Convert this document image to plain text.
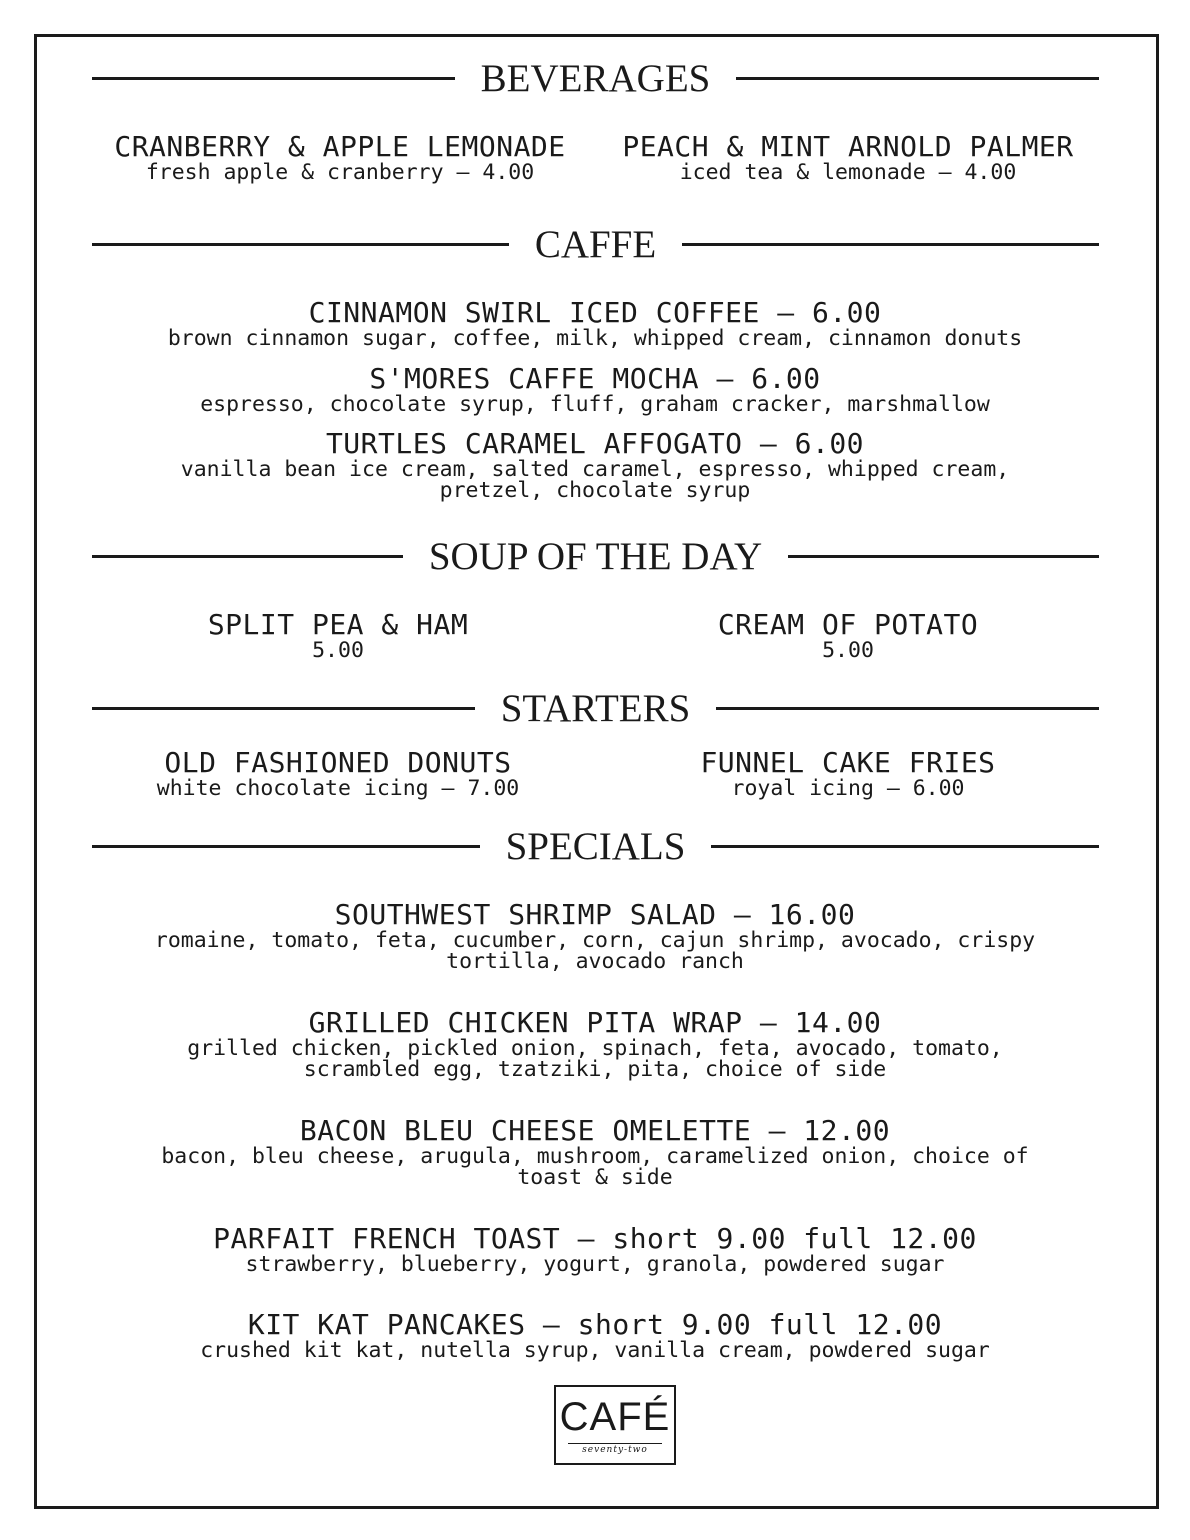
BEVERAGES
CRANBERRY & APPLE LEMONADE
fresh apple & cranberry – 4.00
PEACH & MINT ARNOLD PALMER
iced tea & lemonade – 4.00
CAFFE
CINNAMON SWIRL ICED COFFEE – 6.00
brown cinnamon sugar, coffee, milk, whipped cream, cinnamon donuts
S'MORES CAFFE MOCHA – 6.00
espresso, chocolate syrup, fluff, graham cracker, marshmallow
TURTLES CARAMEL AFFOGATO – 6.00
vanilla bean ice cream, salted caramel, espresso, whipped cream,
pretzel, chocolate syrup
SOUP OF THE DAY
SPLIT PEA & HAM
5.00
CREAM OF POTATO
5.00
STARTERS
OLD FASHIONED DONUTS
white chocolate icing – 7.00
FUNNEL CAKE FRIES
royal icing – 6.00
SPECIALS
SOUTHWEST SHRIMP SALAD – 16.00
romaine, tomato, feta, cucumber, corn, cajun shrimp, avocado, crispy
tortilla, avocado ranch
GRILLED CHICKEN PITA WRAP – 14.00
grilled chicken, pickled onion, spinach, feta, avocado, tomato,
scrambled egg, tzatziki, pita, choice of side
BACON BLEU CHEESE OMELETTE – 12.00
bacon, bleu cheese, arugula, mushroom, caramelized onion, choice of
toast & side
PARFAIT FRENCH TOAST – short 9.00 full 12.00
strawberry, blueberry, yogurt, granola, powdered sugar
KIT KAT PANCAKES – short 9.00 full 12.00
crushed kit kat, nutella syrup, vanilla cream, powdered sugar
CAFÉ
seventy-two
